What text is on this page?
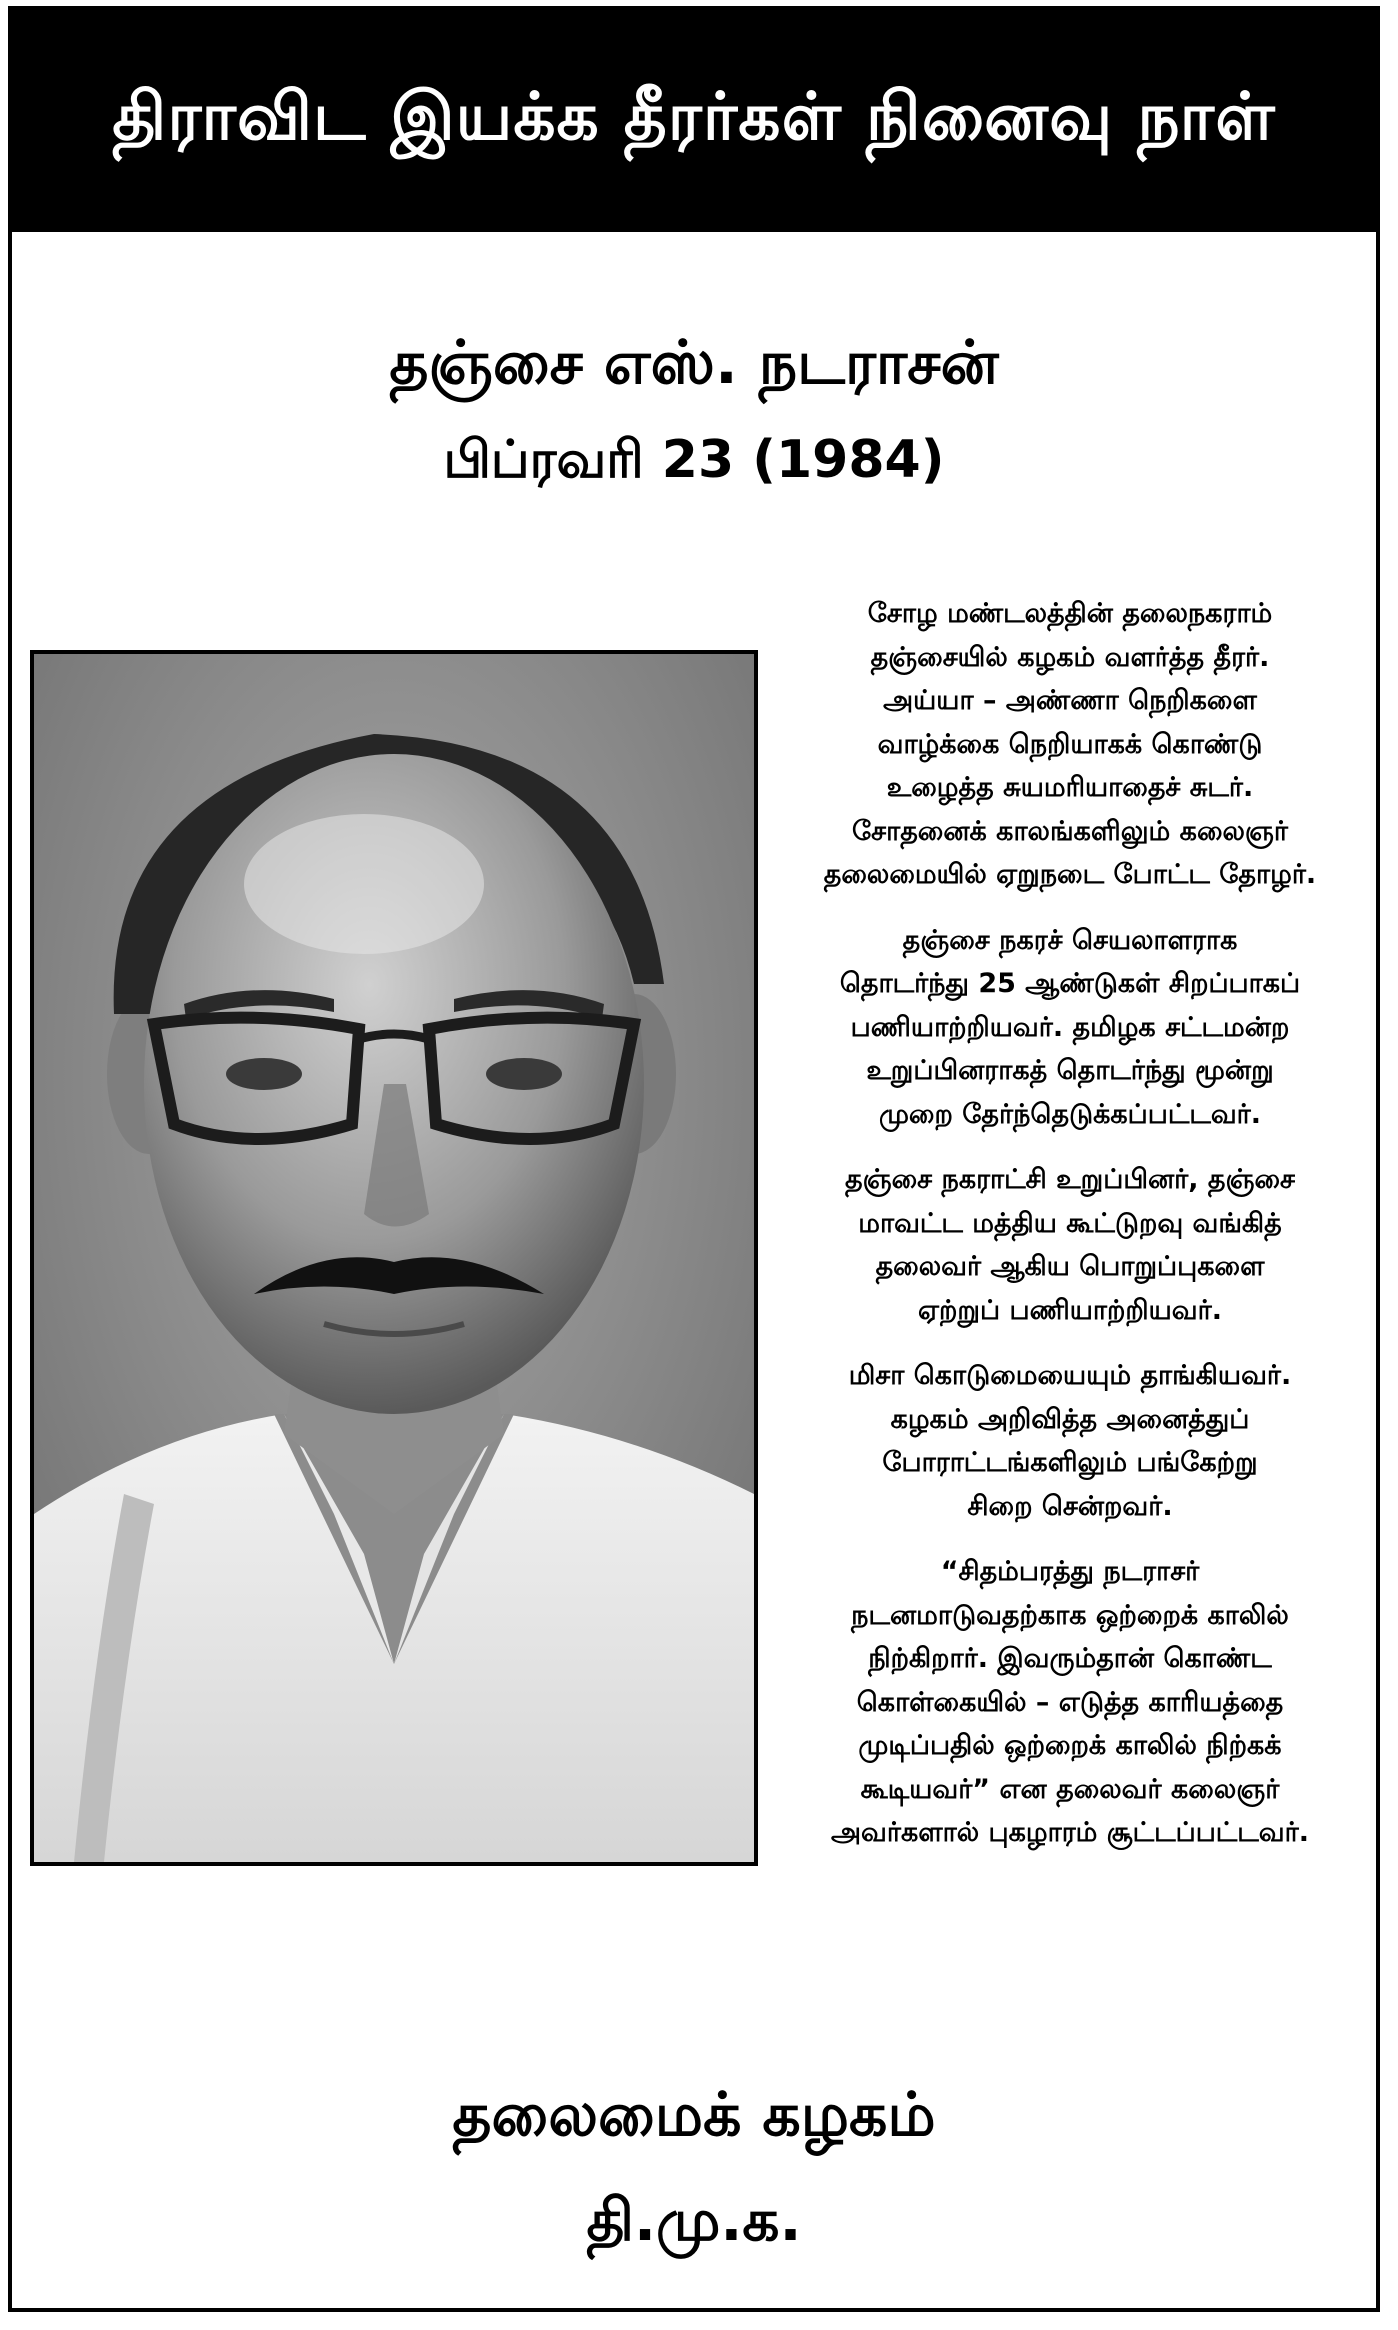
திராவிட இயக்க தீரர்கள் நினைவு நாள்
தஞ்சை எஸ். நடராசன்
பிப்ரவரி 23 (1984)

சோழ மண்டலத்தின் தலைநகராம்
தஞ்சையில் கழகம் வளர்த்த தீரர்.
அய்யா – அண்ணா நெறிகளை
வாழ்க்கை நெறியாகக் கொண்டு
உழைத்த சுயமரியாதைச் சுடர்.
சோதனைக் காலங்களிலும் கலைஞர்
தலைமையில் ஏறுநடை போட்ட தோழர்.

தஞ்சை நகரச் செயலாளராக
தொடர்ந்து 25 ஆண்டுகள் சிறப்பாகப்
பணியாற்றியவர். தமிழக சட்டமன்ற
உறுப்பினராகத் தொடர்ந்து மூன்று
முறை தேர்ந்தெடுக்கப்பட்டவர்.

தஞ்சை நகராட்சி உறுப்பினர், தஞ்சை
மாவட்ட மத்திய கூட்டுறவு வங்கித்
தலைவர் ஆகிய பொறுப்புகளை
ஏற்றுப் பணியாற்றியவர்.

மிசா கொடுமையையும் தாங்கியவர்.
கழகம் அறிவித்த அனைத்துப்
போராட்டங்களிலும் பங்கேற்று
சிறை சென்றவர்.

“சிதம்பரத்து நடராசர்
நடனமாடுவதற்காக ஒற்றைக் காலில்
நிற்கிறார். இவரும்தான் கொண்ட
கொள்கையில் – எடுத்த காரியத்தை
முடிப்பதில் ஒற்றைக் காலில் நிற்கக்
கூடியவர்” என தலைவர் கலைஞர்
அவர்களால் புகழாரம் சூட்டப்பட்டவர்.

தலைமைக் கழகம்
தி.மு.க.
